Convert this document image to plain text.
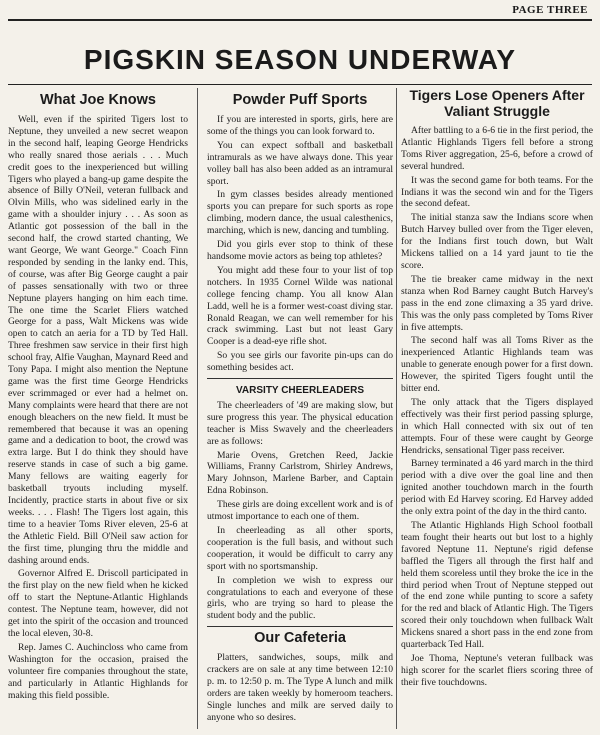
PAGE THREE
PIGSKIN SEASON UNDERWAY
What Joe Knows

Well, even if the spirited Tigers lost to Neptune, they unveiled a new secret weapon in the second half, leaping George Hendricks who really snared those aerials . . . Much credit goes to the inexperienced but willing Tigers who played a bang-up game despite the absence of Billy O'Neil, veteran fullback and Olvin Mills, who was sidelined early in the game with a shoulder injury . . . As soon as Atlantic got possession of the ball in the second half, the crowd started chanting, We want George, We want George." Coach Finn responded by sending in the lanky end. This, of course, was after Big George caught a pair of passes sensationally with two or three Neptune players hanging on him each time. The one time the Scarlet Fliers watched George for a pass, Walt Mickens was wide open to catch an aeria for a TD by Ted Hall. Three freshmen saw service in their first high school fray, Alfie Vaughan, Maynard Reed and Tony Papa. I might also mention the Neptune game was the first time George Hendricks ever scrimmaged or ever had a helmet on. Many complaints were heard that there are not enough bleachers on the new field. It must be remembered that because it was an opening game and a dedication to boot, the crowd was extra large. But I do think they should have reserve stands in case of such a big game. Many fellows are waiting eagerly for basketball tryouts including myself. Incidently, practice starts in about five or six weeks. . . . Flash! The Tigers lost again, this time to a heavier Toms River eleven, 25-6 at the Athletic Field. Bill O'Neil saw action for the first time, plunging thru the middle and dashing around ends.

Governor Alfred E. Driscoll participated in the first play on the new field when he kicked off to start the Neptune-Atlantic Highlands contest. The Neptune team, however, did not get into the spirit of the occasion and trounced the local eleven, 30-8.

Rep. James C. Auchincloss who came from Washington for the occasion, praised the volunteer fire companies throughout the state, and particularly in Atlantic Highlands for making this field possible.

Powder Puff Sports

If you are interested in sports, girls, here are some of the things you can look forward to.

You can expect softball and basketball intramurals as we have always done. This year volley ball has also been added as an intramural sport.

In gym classes besides already mentioned sports you can prepare for such sports as rope climbing, modern dance, the usual calesthenics, marching, which is new, dancing and tumbling.

Did you girls ever stop to think of these handsome movie actors as being top athletes?

You might add these four to your list of top notchers. In 1935 Cornel Wilde was national college fencing champ. You all know Alan Ladd, well he is a former west-coast diving star. Ronald Reagan, we can well remember for his crack swimming. Last but not least Gary Cooper is a dead-eye rifle shot.

So you see girls our favorite pin-ups can do something besides act.

VARSITY CHEERLEADERS

The cheerleaders of '49 are making slow, but sure progress this year. The physical education teacher is Miss Swavely and the cheerleaders are as follows:

Marie Ovens, Gretchen Reed, Jackie Williams, Franny Carlstrom, Shirley Andrews, Mary Johnson, Marlene Barber, and Captain Edna Robinson.

These girls are doing excellent work and is of utmost importance to each one of them.

In cheerleading as all other sports, cooperation is the full basis, and without such cooperation, it would be difficult to carry any sport with no sportsmanship.

In completion we wish to express our congratulations to each and everyone of these girls, who are trying so hard to please the student body and the public.

Our Cafeteria

Platters, sandwiches, soups, milk and crackers are on sale at any time between 12:10 p. m. to 12:50 p. m. The Type A lunch and milk orders are taken weekly by homeroom teachers. Single lunches and milk are served daily to anyone who so desires.

Tigers Lose Openers After Valiant Struggle

After battling to a 6-6 tie in the first period, the Atlantic Highlands Tigers fell before a strong Toms River aggregation, 25-6, before a crowd of several hundred.

It was the second game for both teams. For the Indians it was the second win and for the Tigers the second defeat.

The initial stanza saw the Indians score when Butch Harvey bulled over from the Tiger eleven, for the Indians first touch down, but Walt Mickens tallied on a 14 yard jaunt to tie the score.

The tie breaker came midway in the next stanza when Rod Barney caught Butch Harvey's pass in the end zone climaxing a 35 yard drive. This was the only pass completed by Toms River in five attempts.

The second half was all Toms River as the inexperienced Atlantic Highlands team was unable to generate enough power for a first down. However, the spirited Tigers fought until the bitter end.

The only attack that the Tigers displayed effectively was their first period passing splurge, in which Hall connected with six out of ten attempts. Four of these were caught by George Hendricks, sensational Tiger pass receiver.

Barney terminated a 46 yard march in the third period with a dive over the goal line and then ignited another touchdown march in the fourth period with Ed Harvey scoring. Ed Harvey added the only extra point of the day in the third canto.

The Atlantic Highlands High School football team fought their hearts out but lost to a highly favored Neptune 11. Neptune's rigid defense baffled the Tigers all through the first half and held them scoreless until they broke the ice in the third period when Trout of Neptune stepped out of the end zone while punting to score a safety for the red and black of Atlantic High. The Tigers scored their only touchdown when fullback Walt Mickens snared a short pass in the end zone from quarterback Ted Hall.

Joe Thoma, Neptune's veteran fullback was high scorer for the scarlet fliers scoring three of their five touchdowns.
